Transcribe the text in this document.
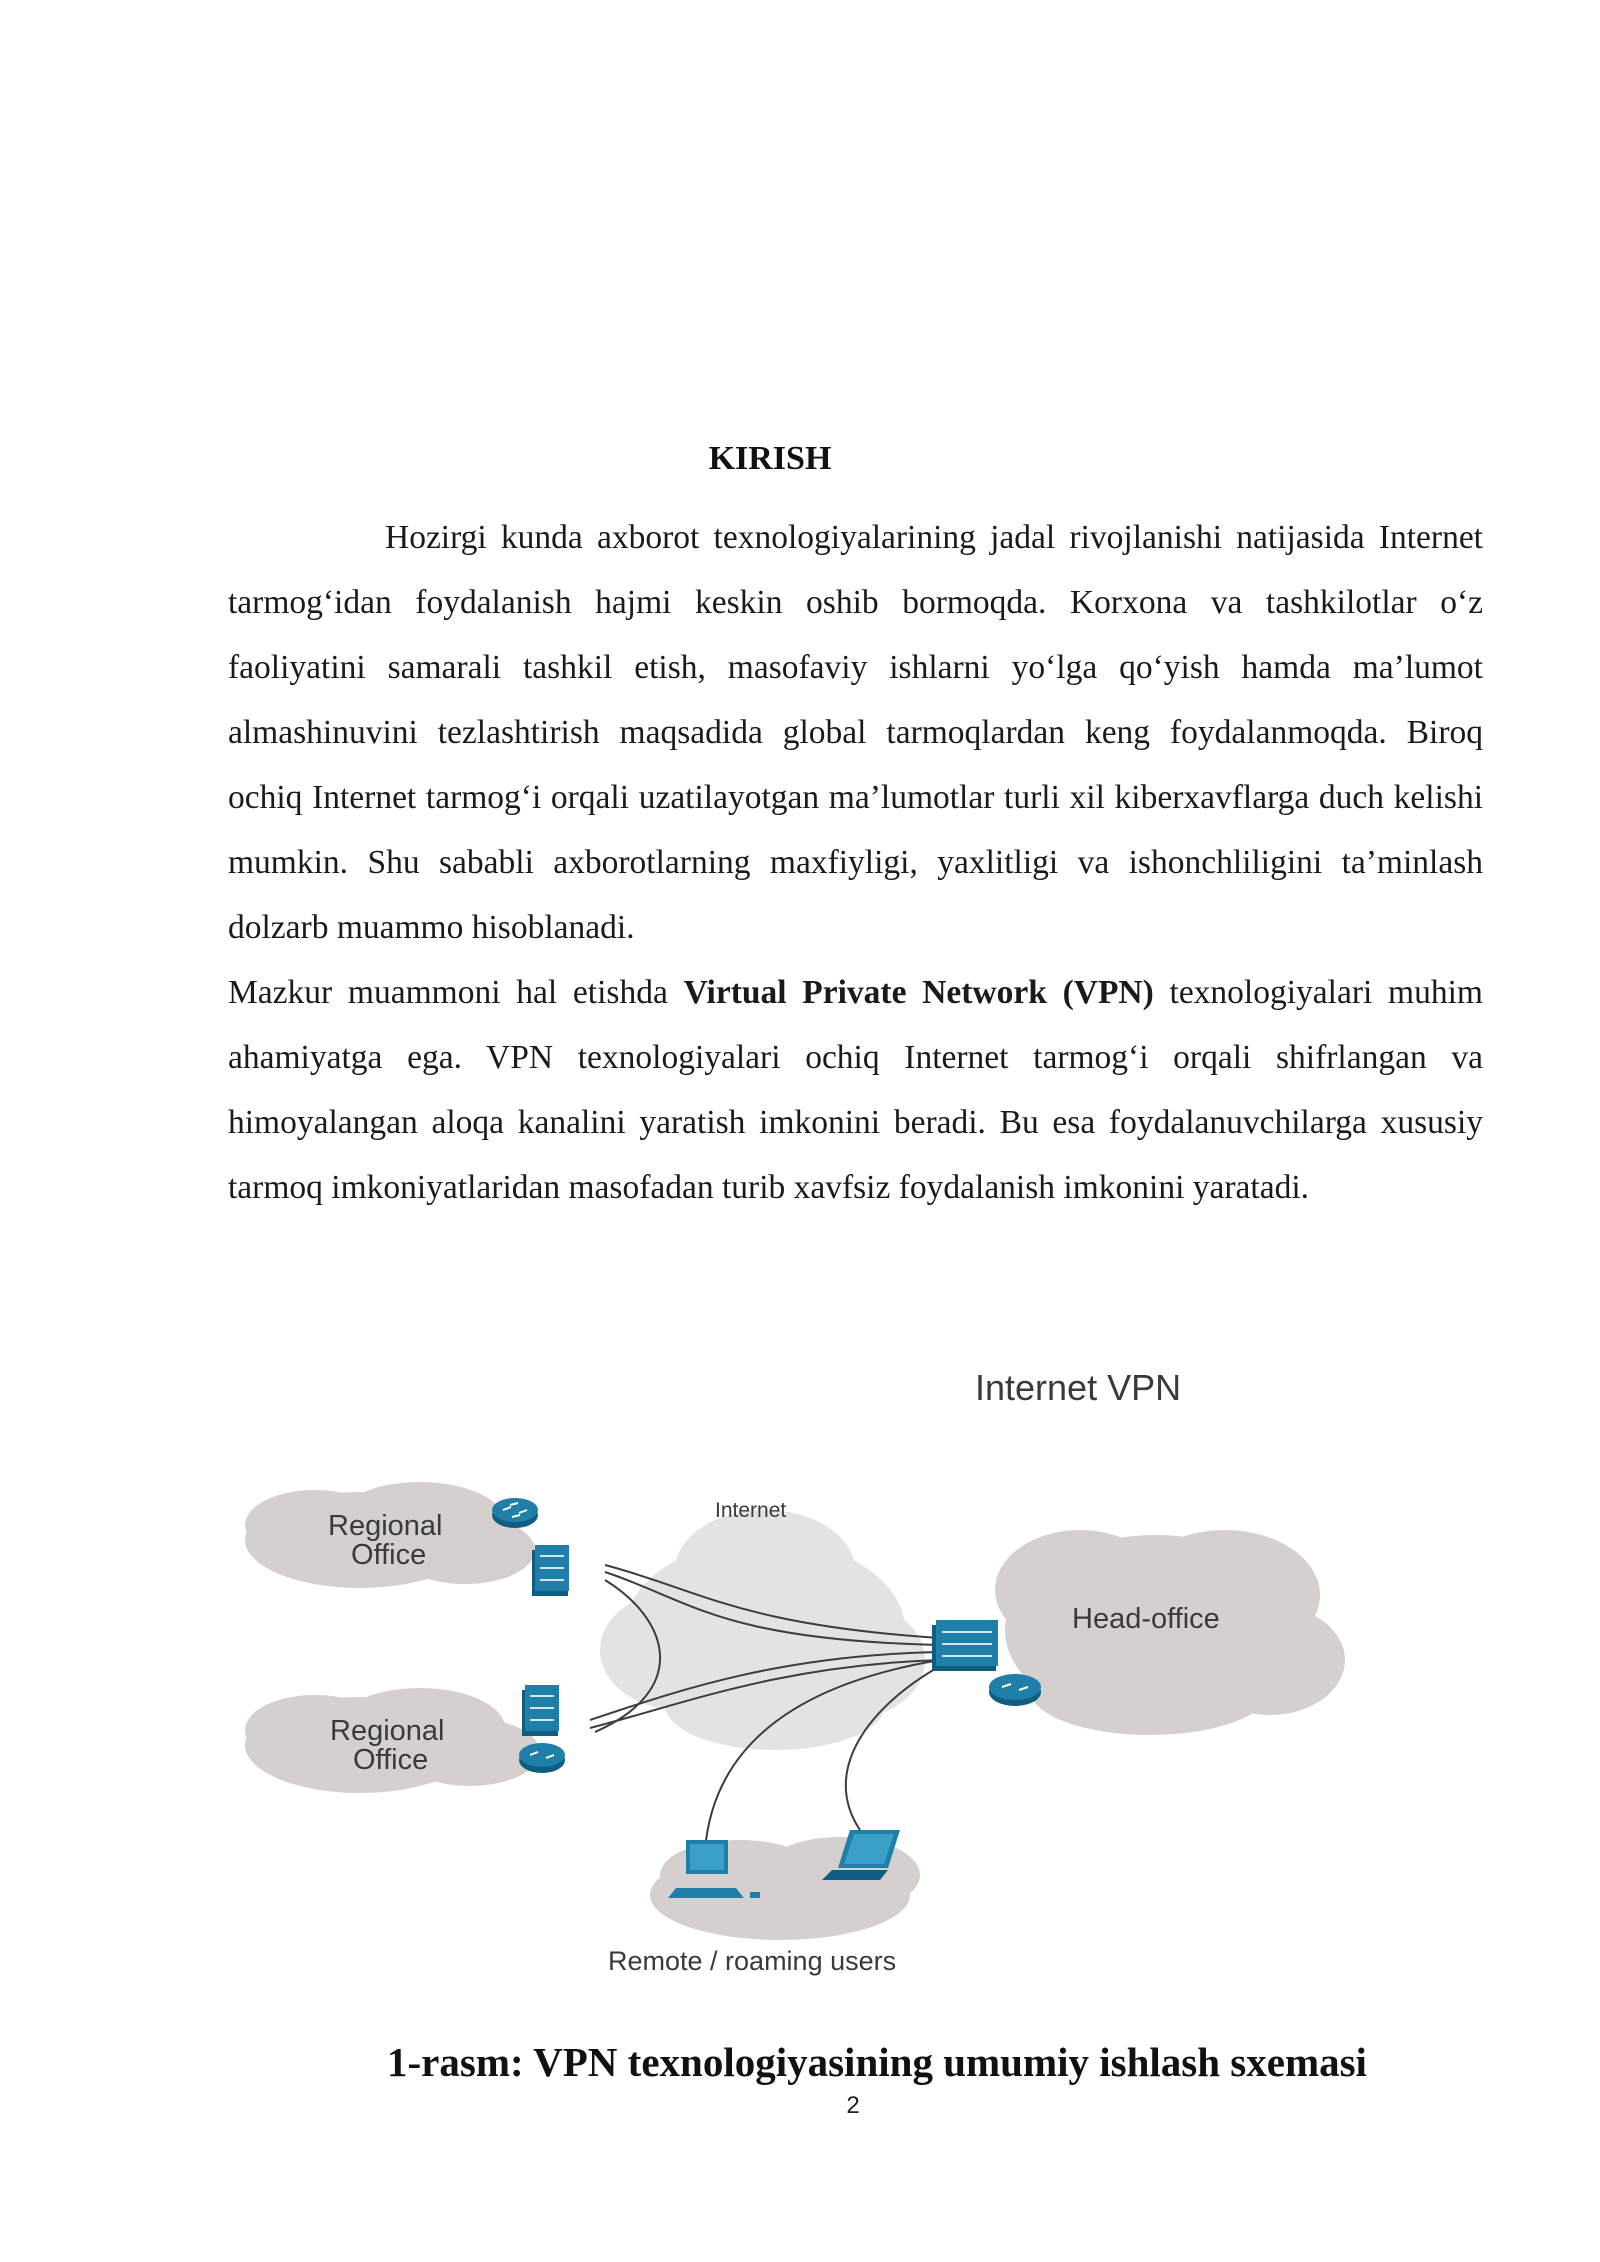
KIRISH

Hozirgi kunda axborot texnologiyalarining jadal rivojlanishi natijasida Internet tarmog‘idan foydalanish hajmi keskin oshib bormoqda. Korxona va tashkilotlar o‘z faoliyatini samarali tashkil etish, masofaviy ishlarni yo‘lga qo‘yish hamda ma’lumot almashinuvini tezlashtirish maqsadida global tarmoqlardan keng foydalanmoqda. Biroq ochiq Internet tarmog‘i orqali uzatilayotgan ma’lumotlar turli xil kiberxavflarga duch kelishi mumkin. Shu sababli axborotlarning maxfiyligi, yaxlitligi va ishonchliligini ta’minlash dolzarb muammo hisoblanadi.

Mazkur muammoni hal etishda Virtual Private Network (VPN) texnologiyalari muhim ahamiyatga ega. VPN texnologiyalari ochiq Internet tarmog‘i orqali shifrlangan va himoyalangan aloqa kanalini yaratish imkonini beradi. Bu esa foydalanuvchilarga xususiy tarmoq imkoniyatlaridan masofadan turib xavfsiz foydalanish imkonini yaratadi.

Internet VPN
Internet
Regional
Office
Regional
Office
Head-office
Remote / roaming users
1-rasm: VPN texnologiyasining umumiy ishlash sxemasi
2
